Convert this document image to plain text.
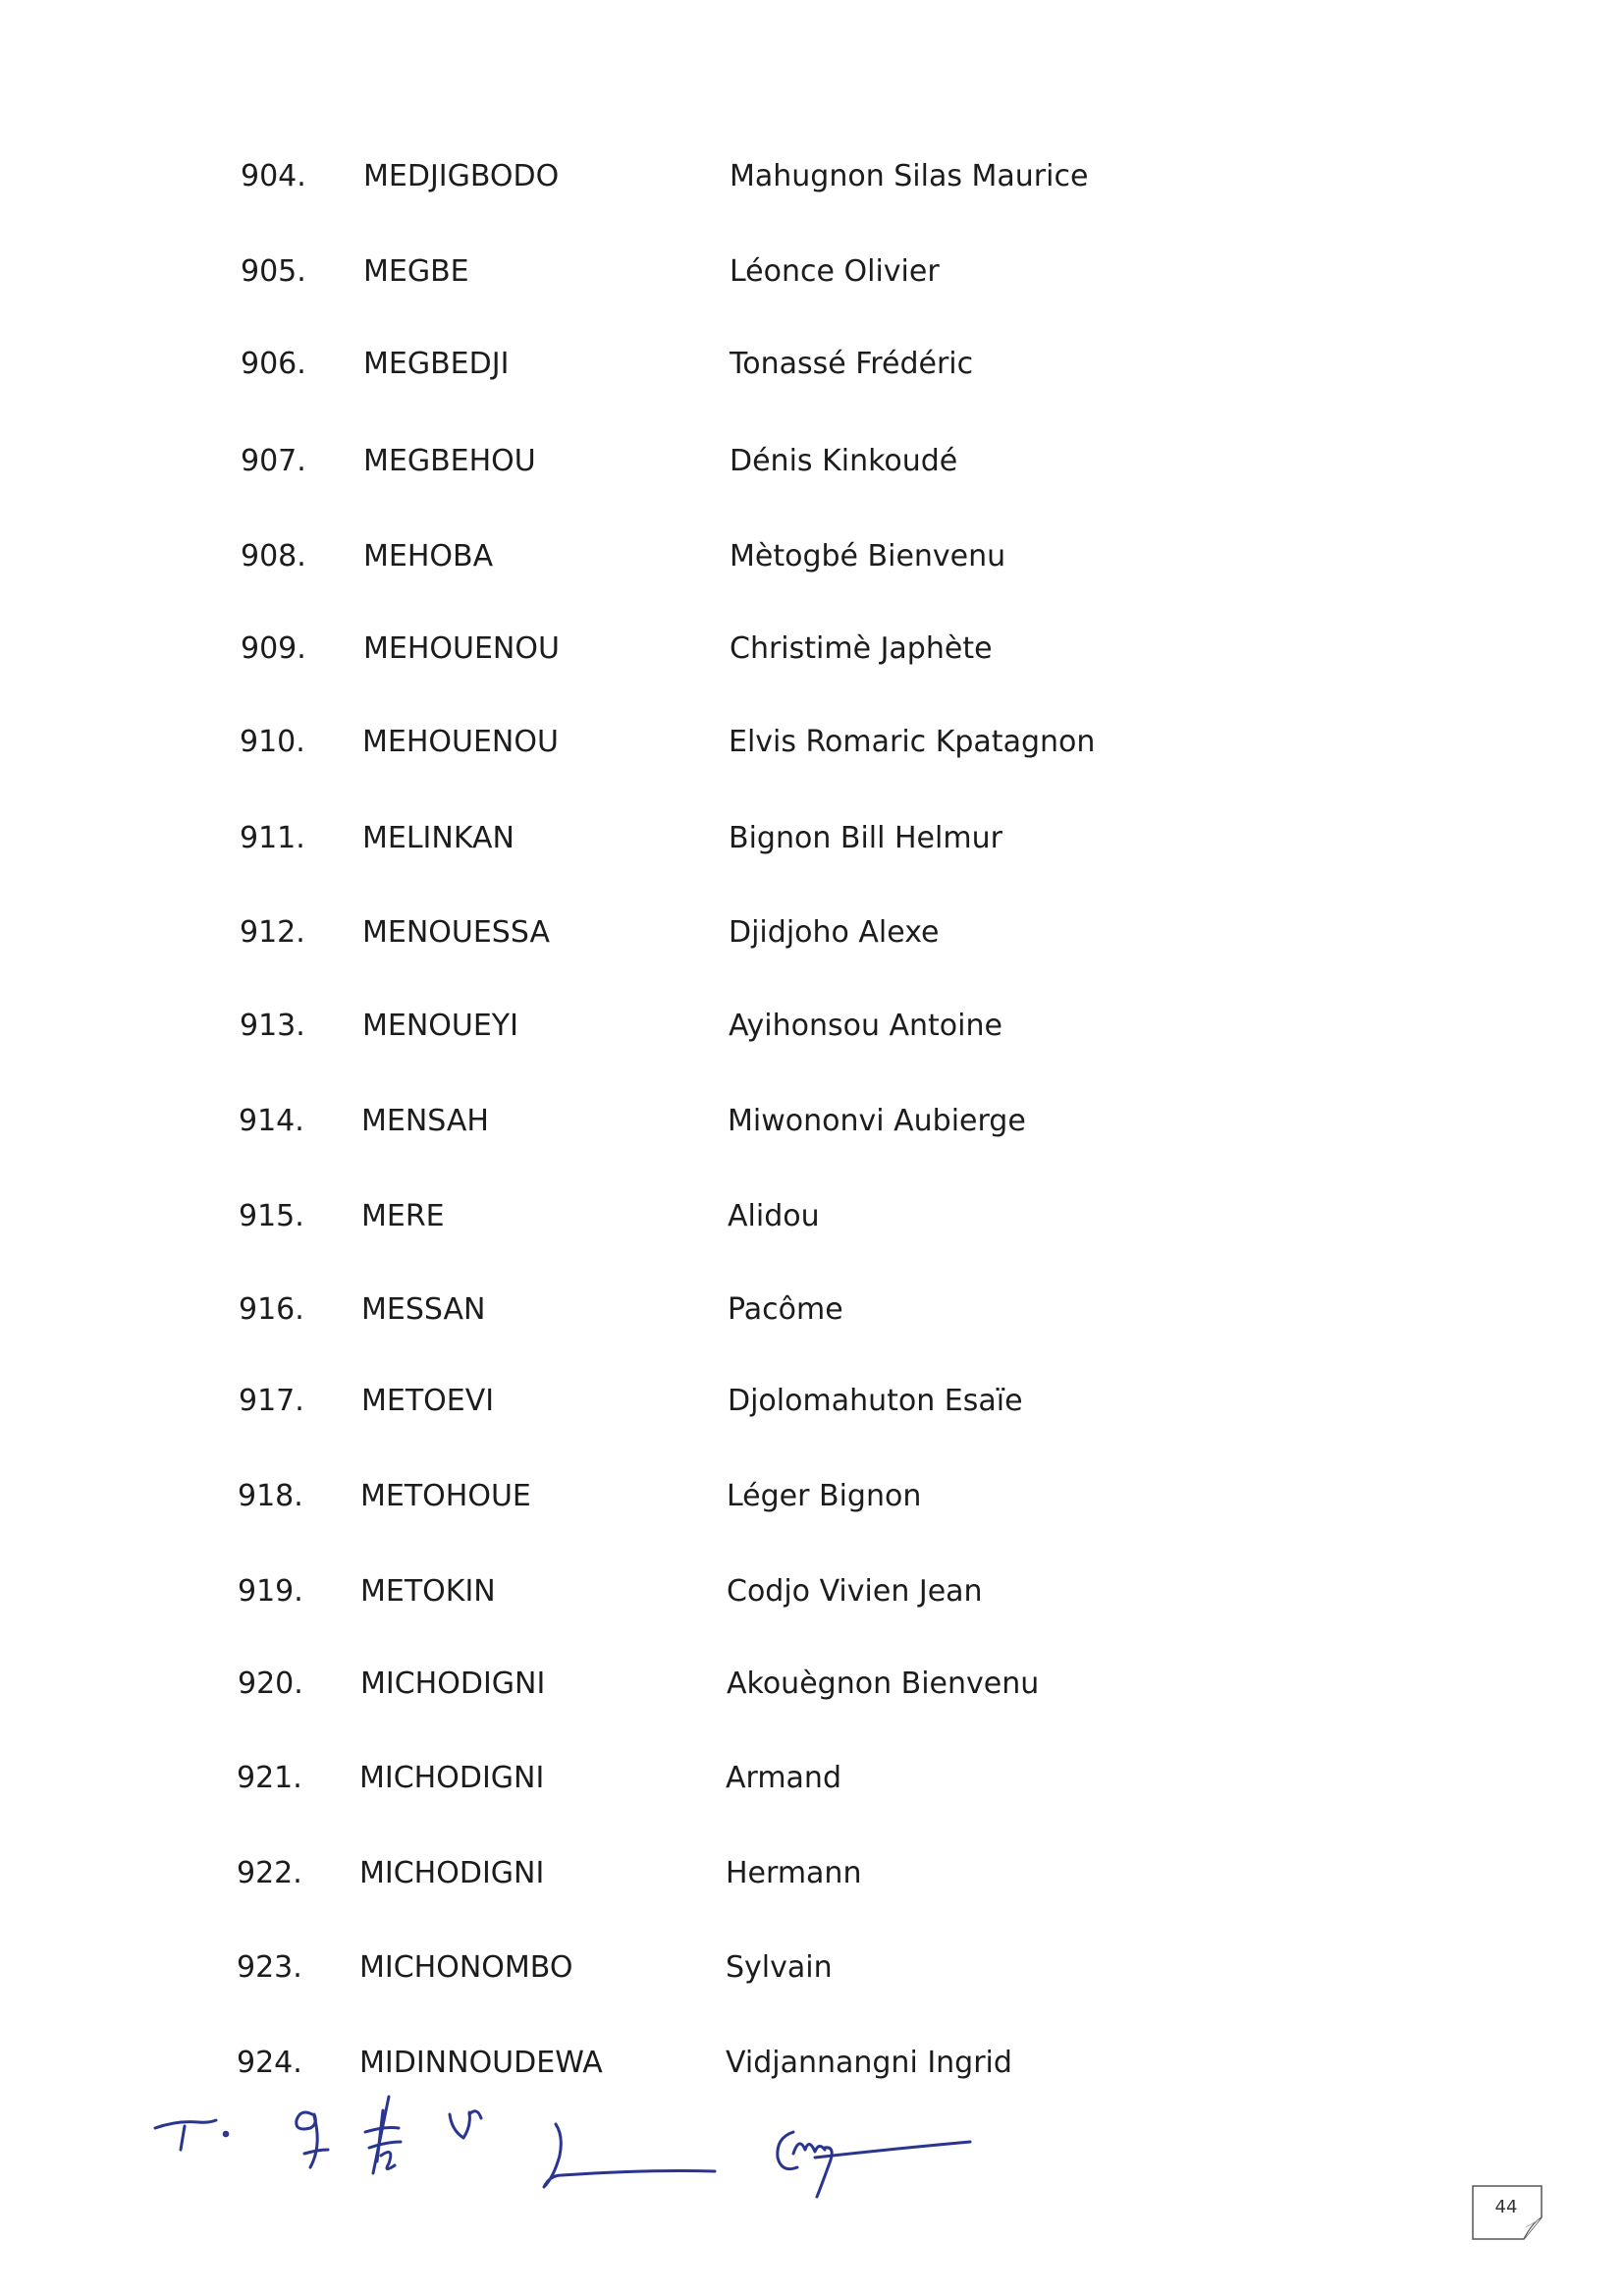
904. MEDJIGBODO	Mahugnon Silas Maurice
905. MEGBE	Léonce Olivier
906. MEGBEDJI	Tonassé Frédéric
907. MEGBEHOU	Dénis Kinkoudé
908. MEHOBA	Mètogbé Bienvenu
909. MEHOUENOU	Christimè Japhète
910. MEHOUENOU	Elvis Romaric Kpatagnon
911. MELINKAN	Bignon Bill Helmur
912. MENOUESSA	Djidjoho Alexe
913. MENOUEYI	Ayihonsou Antoine
914. MENSAH	Miwononvi Aubierge
915. MERE	Alidou
916. MESSAN	Pacôme
917. METOEVI	Djolomahuton Esaïe
918. METOHOUE	Léger Bignon
919. METOKIN	Codjo Vivien Jean
920. MICHODIGNI	Akouègnon Bienvenu
921. MICHODIGNI	Armand
922. MICHODIGNI	Hermann
923. MICHONOMBO	Sylvain
924. MIDINNOUDEWA	Vidjannangni Ingrid
44
